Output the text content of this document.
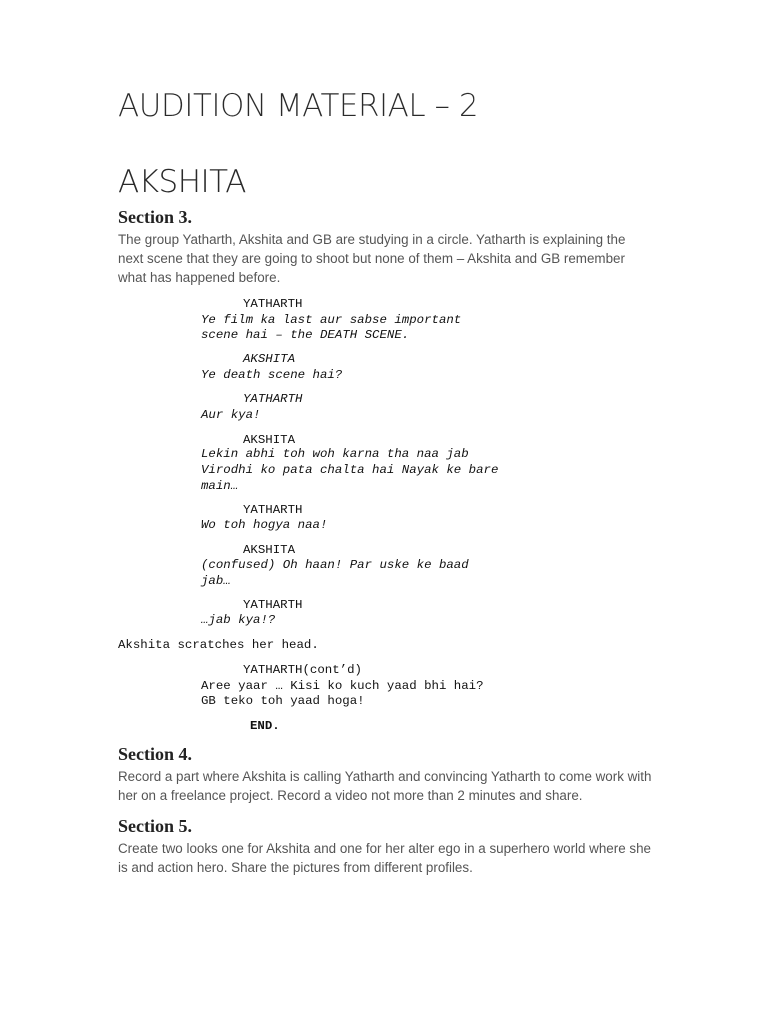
AUDITION MATERIAL – 2
AKSHITA
Section 3.

The group Yatharth, Akshita and GB are studying in a circle. Yatharth is explaining the next scene that they are going to shoot but none of them – Akshita and GB remember what has happened before.

YATHARTH

Ye film ka last aur sabse important

scene hai – the DEATH SCENE.

AKSHITA

Ye death scene hai?

YATHARTH

Aur kya!

AKSHITA

Lekin abhi toh woh karna tha naa jab

Virodhi ko pata chalta hai Nayak ke bare

main…

YATHARTH

Wo toh hogya naa!

AKSHITA

(confused) Oh haan! Par uske ke baad

jab…

YATHARTH

…jab kya!?

Akshita scratches her head.

YATHARTH(cont’d)

Aree yaar … Kisi ko kuch yaad bhi hai?

GB teko toh yaad hoga!

END.

Section 4.

Record a part where Akshita is calling Yatharth and convincing Yatharth to come work with her on a freelance project. Record a video not more than 2 minutes and share.

Section 5.

Create two looks one for Akshita and one for her alter ego in a superhero world where she is and action hero. Share the pictures from different profiles.
